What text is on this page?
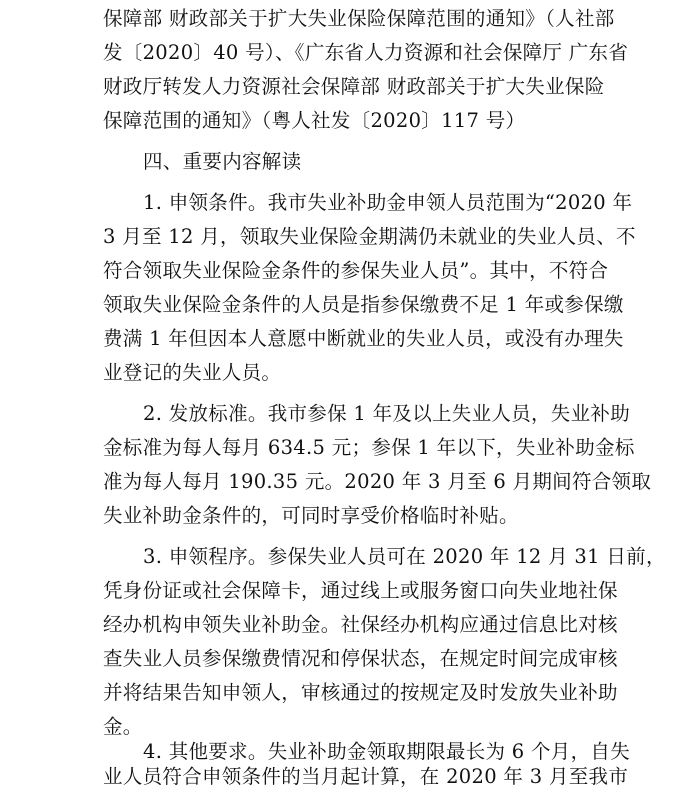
保障部 财政部关于扩大失业保险保障范围的通知》（人社部
发〔2020〕40 号）、《广东省人力资源和社会保障厅 广东省
财政厅转发人力资源社会保障部 财政部关于扩大失业保险
保障范围的通知》（粤人社发〔2020〕117 号）
四、重要内容解读
1. 申领条件。我市失业补助金申领人员范围为“2020 年
3 月至 12 月，领取失业保险金期满仍未就业的失业人员、不
符合领取失业保险金条件的参保失业人员”。其中，不符合
领取失业保险金条件的人员是指参保缴费不足 1 年或参保缴
费满 1 年但因本人意愿中断就业的失业人员，或没有办理失
业登记的失业人员。
2. 发放标准。我市参保 1 年及以上失业人员，失业补助
金标准为每人每月 634.5 元；参保 1 年以下，失业补助金标
准为每人每月 190.35 元。2020 年 3 月至 6 月期间符合领取
失业补助金条件的，可同时享受价格临时补贴。
3. 申领程序。参保失业人员可在 2020 年 12 月 31 日前，
凭身份证或社会保障卡，通过线上或服务窗口向失业地社保
经办机构申领失业补助金。社保经办机构应通过信息比对核
查失业人员参保缴费情况和停保状态，在规定时间完成审核
并将结果告知申领人，审核通过的按规定及时发放失业补助
金。
4. 其他要求。失业补助金领取期限最长为 6 个月，自失
业人员符合申领条件的当月起计算，在 2020 年 3 月至我市
